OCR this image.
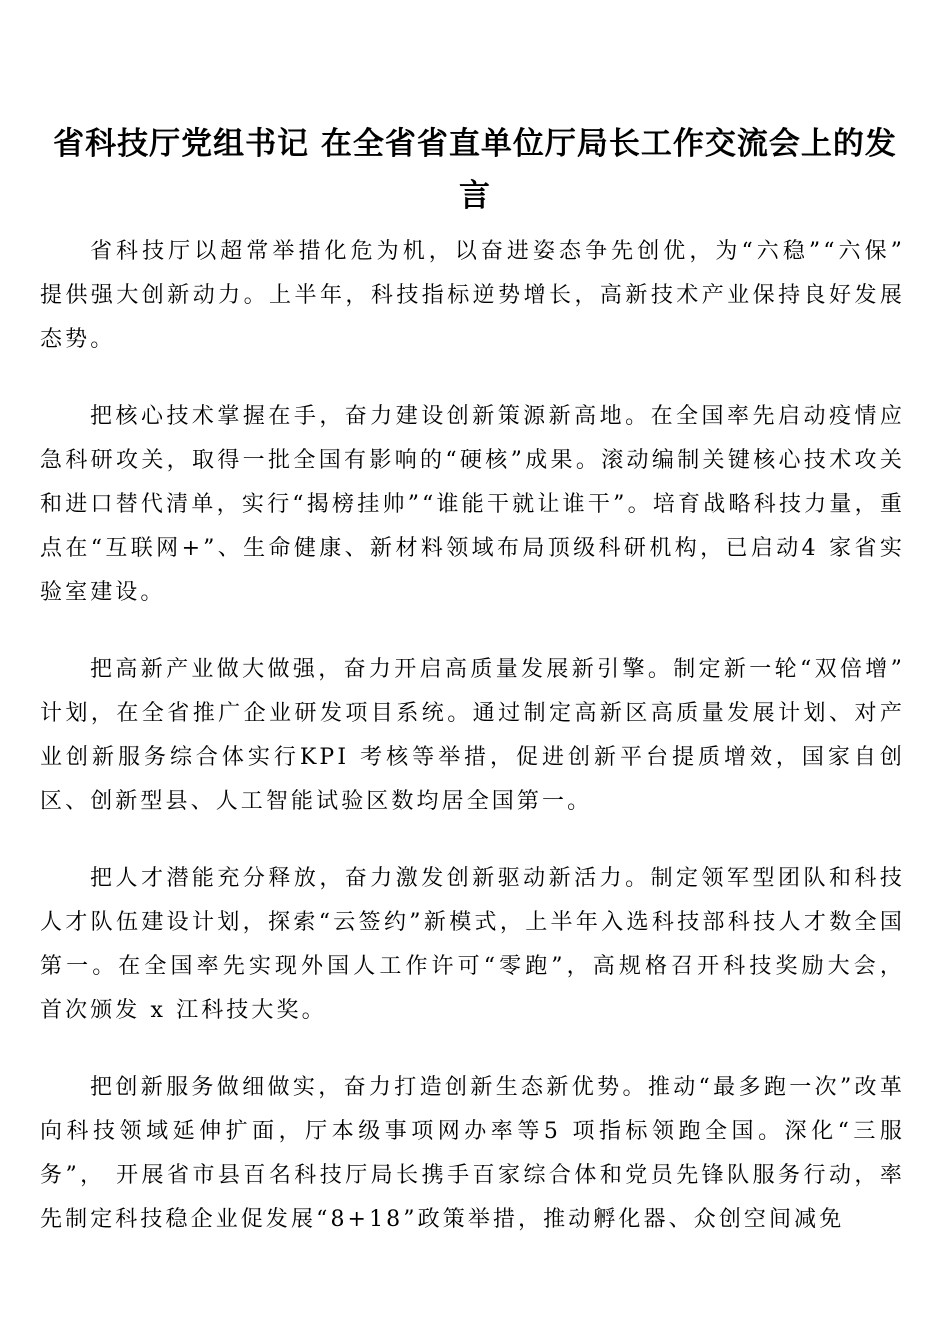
省科技厅党组书记 在全省省直单位厅局长工作交流会上的发言

省科技厅以超常举措化危为机，以奋进姿态争先创优，为“六稳”“六保” 提供强大创新动力。上半年，科技指标逆势增长，高新技术产业保持良好发展态势。

把核心技术掌握在手，奋力建设创新策源新高地。在全国率先启动疫情应 急科研攻关，取得一批全国有影响的“硬核”成果。滚动编制关键核心技术攻关和进口替代清单，实行“揭榜挂帅”“谁能干就让谁干”。培育战略科技力量，重点在“互联网+”、生命健康、新材料领域布局顶级科研机构，已启动4 家省实验室建设。

把高新产业做大做强，奋力开启高质量发展新引擎。制定新一轮“双倍增” 计划，在全省推广企业研发项目系统。通过制定高新区高质量发展计划、对产业创新服务综合体实行KPI 考核等举措，促进创新平台提质增效，国家自创区、创新型县、人工智能试验区数均居全国第一。

把人才潜能充分释放，奋力激发创新驱动新活力。制定领军型团队和科技人才队伍建设计划，探索“云签约”新模式，上半年入选科技部科技人才数全国第一。在全国率先实现外国人工作许可“零跑”，高规格召开科技奖励大会， 首次颁发 x 江科技大奖。

把创新服务做细做实，奋力打造创新生态新优势。推动“最多跑一次”改革向科技领域延伸扩面，厅本级事项网办率等5 项指标领跑全国。深化“三服务”， 开展省市县百名科技厅局长携手百家综合体和党员先锋队服务行动，率先制定科技稳企业促发展“8+18”政策举措，推动孵化器、众创空间减免
